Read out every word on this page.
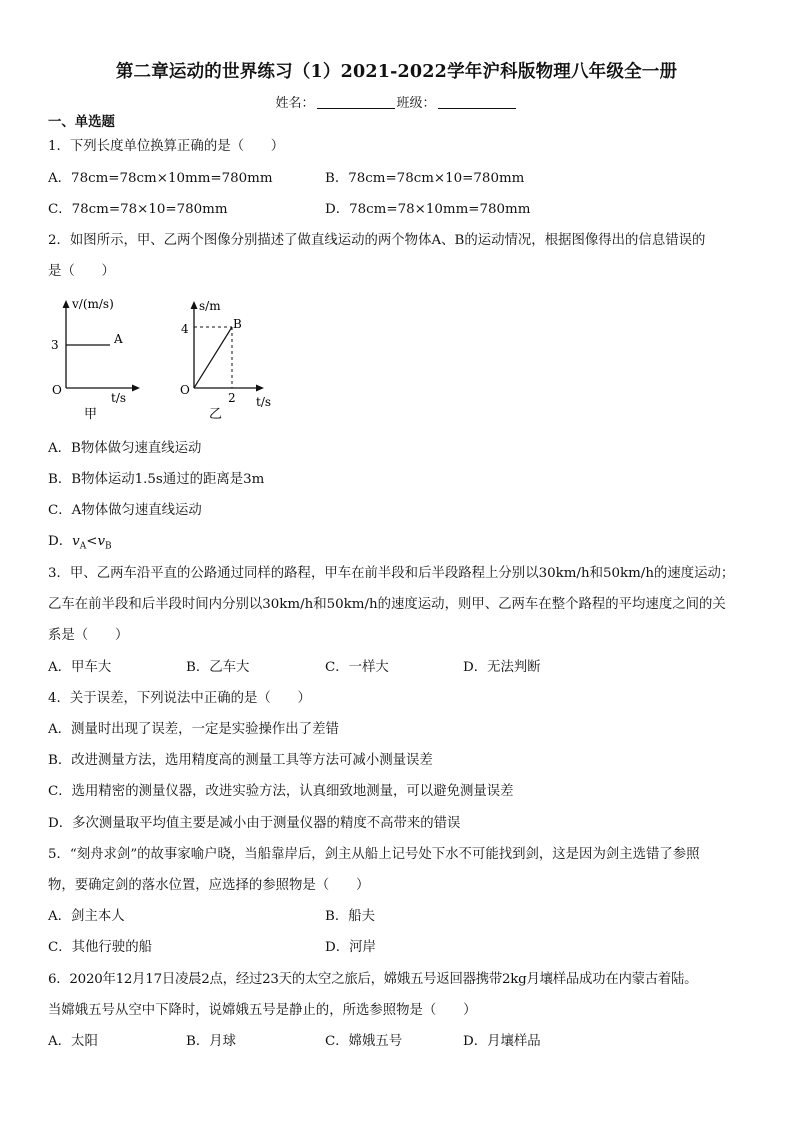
第二章运动的世界练习（1）2021-2022学年沪科版物理八年级全一册
姓名：	班级：
一、单选题
1．下列长度单位换算正确的是（　　）
A．78cm=78cm×10mm=780mm	B．78cm=78cm×10=780mm
C．78cm=78×10=780mm	D．78cm=78×10mm=780mm
2．如图所示，甲、乙两个图像分别描述了做直线运动的两个物体A、B的运动情况，根据图像得出的信息错误的
是（　　）
v/(m/s)
3	A
O
t/s
甲
s/m
4	B
O
2 t/s
乙
A．B物体做匀速直线运动
B．B物体运动1.5s通过的距离是3m
C．A物体做匀速直线运动
D．$v_A<v_B$
3．甲、乙两车沿平直的公路通过同样的路程，甲车在前半段和后半段路程上分别以30km/h和50km/h的速度运动；
乙车在前半段和后半段时间内分别以30km/h和50km/h的速度运动，则甲、乙两车在整个路程的平均速度之间的关
系是（　　）
A．甲车大	B．乙车大	C．一样大	D．无法判断
4．关于误差，下列说法中正确的是（　　）
A．测量时出现了误差，一定是实验操作出了差错
B．改进测量方法，选用精度高的测量工具等方法可减小测量误差
C．选用精密的测量仪器，改进实验方法，认真细致地测量，可以避免测量误差
D．多次测量取平均值主要是减小由于测量仪器的精度不高带来的错误
5．“刻舟求剑”的故事家喻户晓，当船靠岸后，剑主从船上记号处下水不可能找到剑，这是因为剑主选错了参照
物，要确定剑的落水位置，应选择的参照物是（　　）
A．剑主本人	B．船夫
C．其他行驶的船	D．河岸
6．2020年12月17日凌晨2点，经过23天的太空之旅后，嫦娥五号返回器携带2kg月壤样品成功在内蒙古着陆。
当嫦娥五号从空中下降时，说嫦娥五号是静止的，所选参照物是（　　）
A．太阳	B．月球	C．嫦娥五号	D．月壤样品
